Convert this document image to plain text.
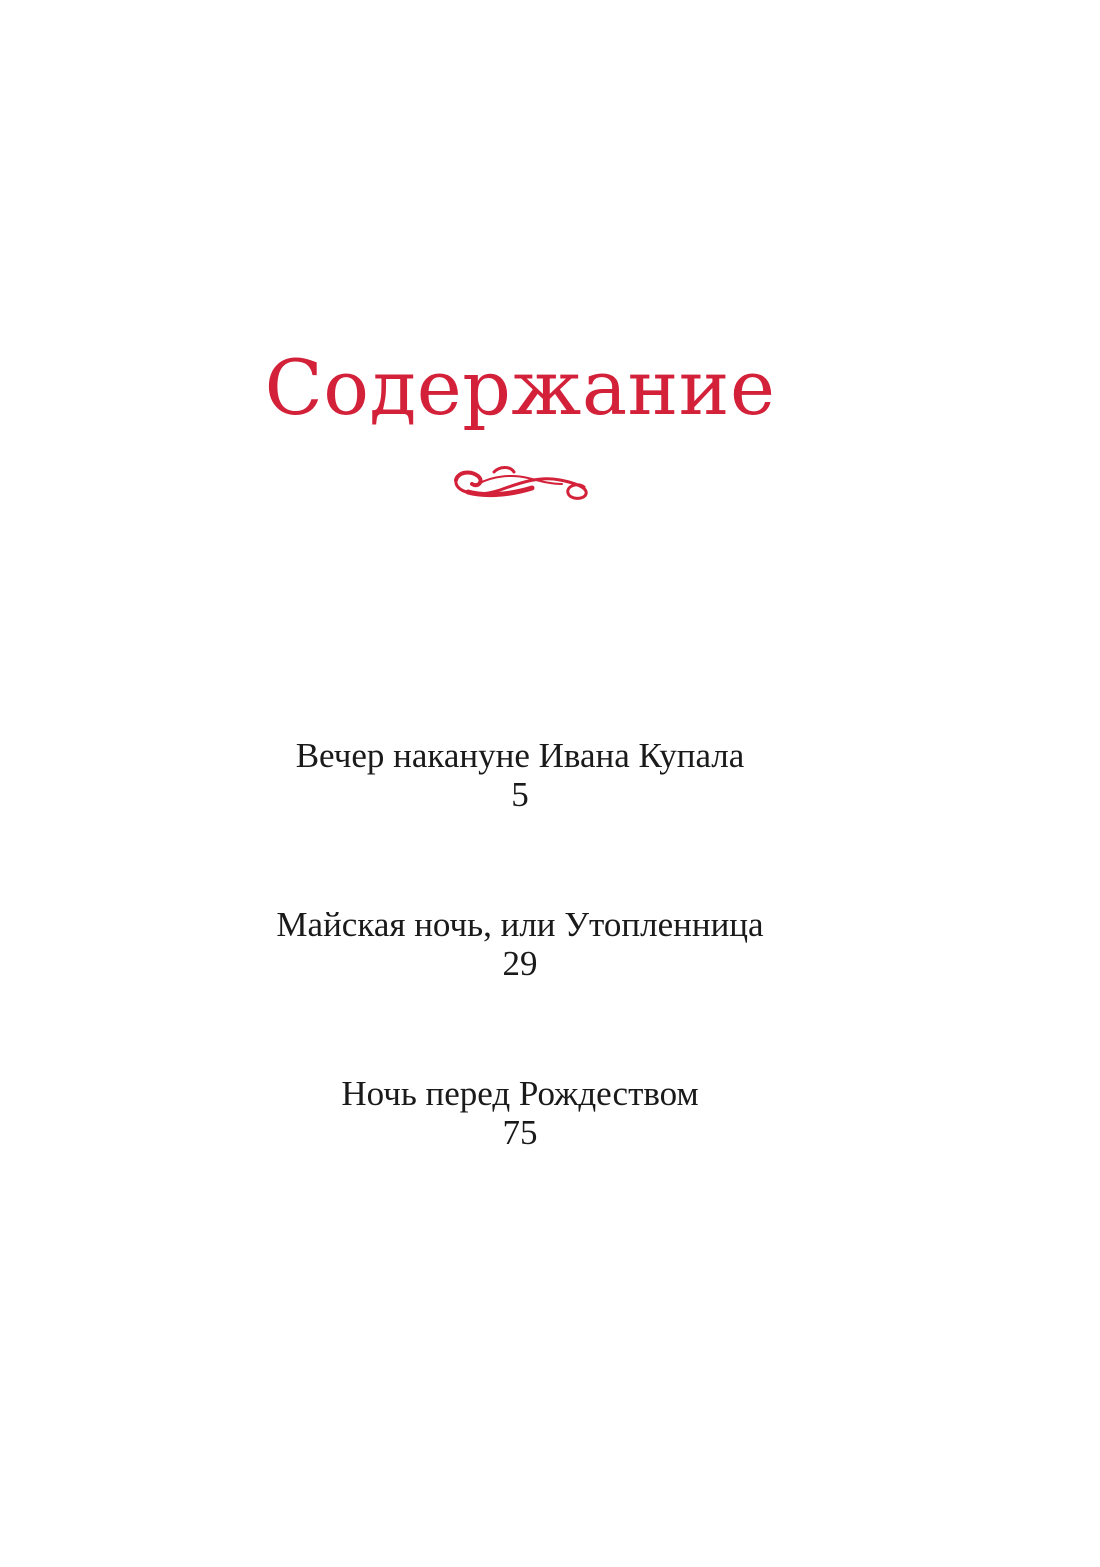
Содержание
Вечер накануне Ивана Купала
5
Майская ночь, или Утопленница
29
Ночь перед Рождеством
75
